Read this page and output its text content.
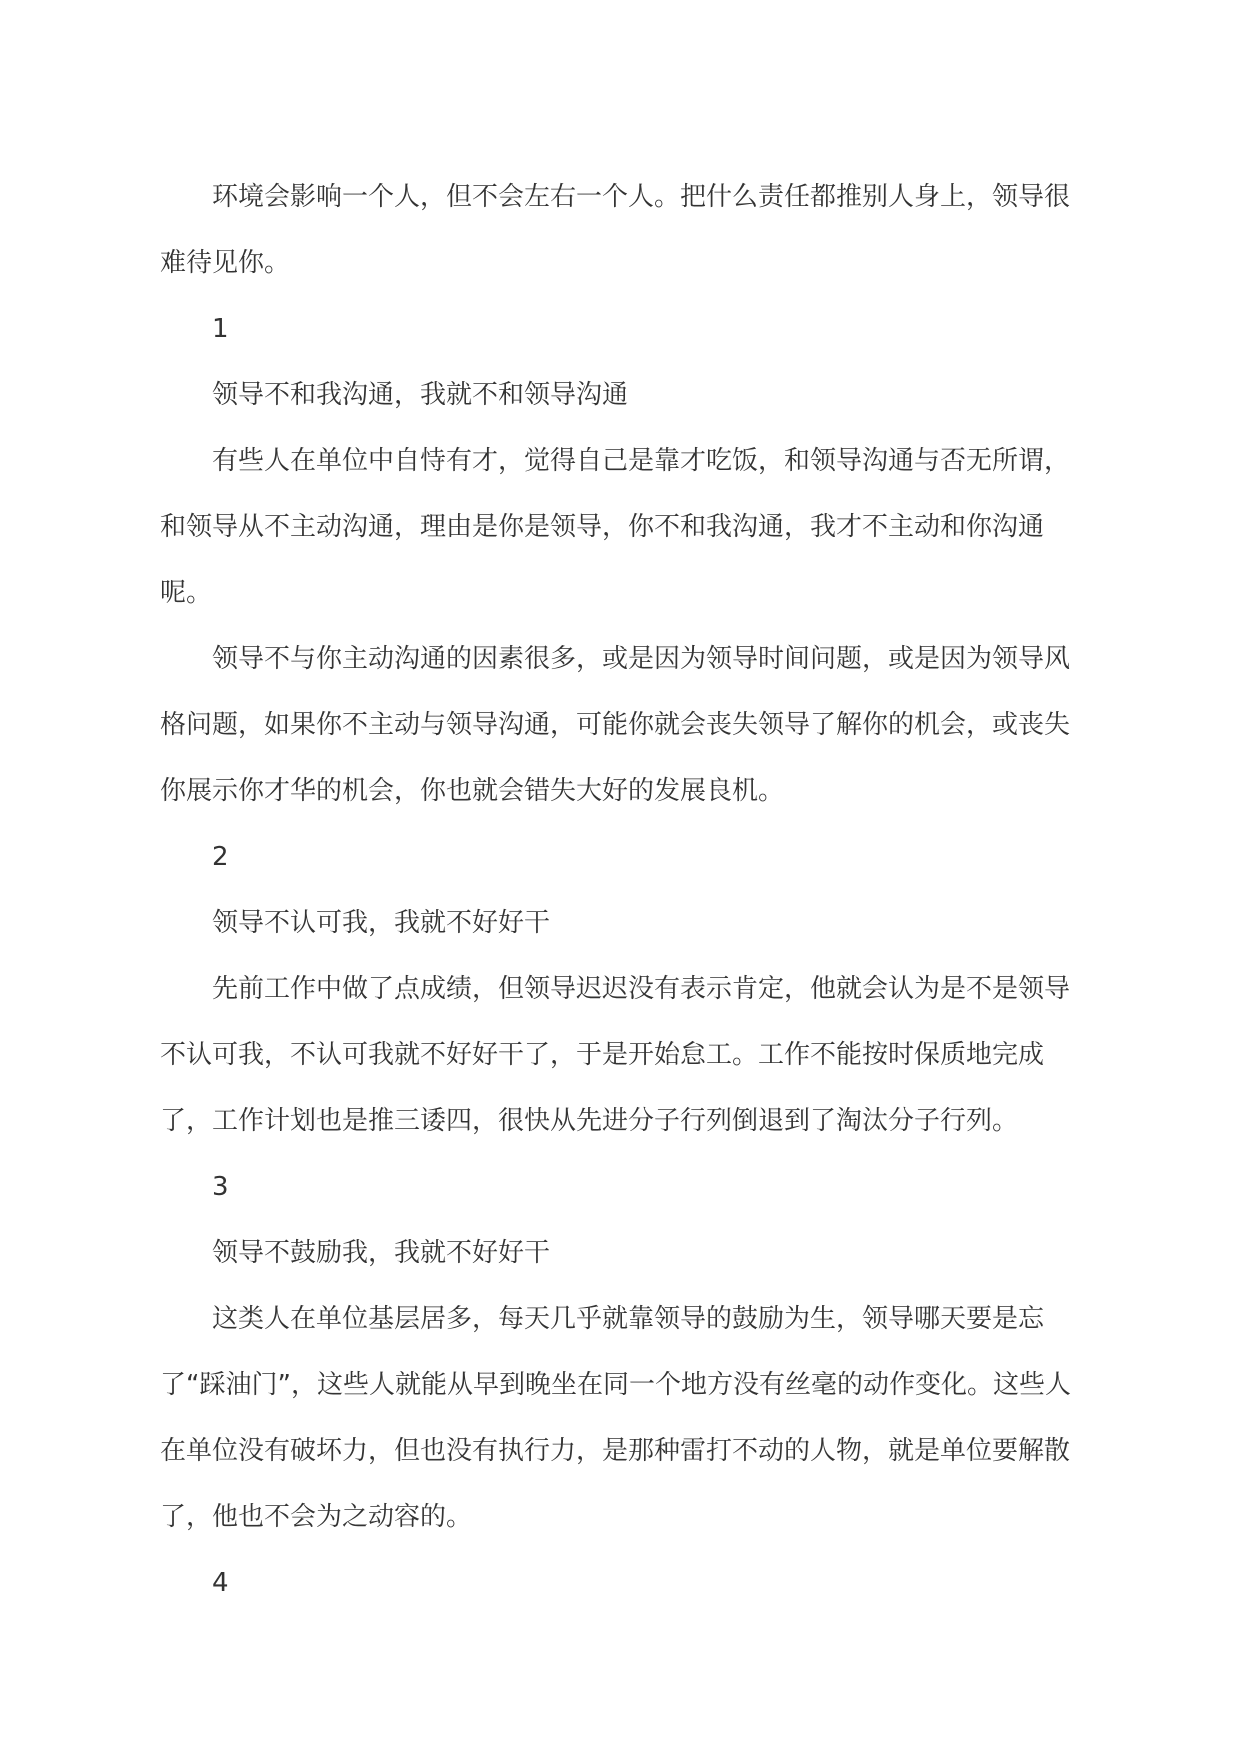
环境会影响一个人，但不会左右一个人。把什么责任都推别人身上，领导很难待见你。

1

领导不和我沟通，我就不和领导沟通

有些人在单位中自恃有才，觉得自己是靠才吃饭，和领导沟通与否无所谓，和领导从不主动沟通，理由是你是领导，你不和我沟通，我才不主动和你沟通呢。

领导不与你主动沟通的因素很多，或是因为领导时间问题，或是因为领导风格问题，如果你不主动与领导沟通，可能你就会丧失领导了解你的机会，或丧失你展示你才华的机会，你也就会错失大好的发展良机。

2

领导不认可我，我就不好好干

先前工作中做了点成绩，但领导迟迟没有表示肯定，他就会认为是不是领导不认可我，不认可我就不好好干了，于是开始怠工。工作不能按时保质地完成了，工作计划也是推三诿四，很快从先进分子行列倒退到了淘汰分子行列。

3

领导不鼓励我，我就不好好干

这类人在单位基层居多，每天几乎就靠领导的鼓励为生，领导哪天要是忘了“踩油门”，这些人就能从早到晚坐在同一个地方没有丝毫的动作变化。这些人在单位没有破坏力，但也没有执行力，是那种雷打不动的人物，就是单位要解散了，他也不会为之动容的。

4
